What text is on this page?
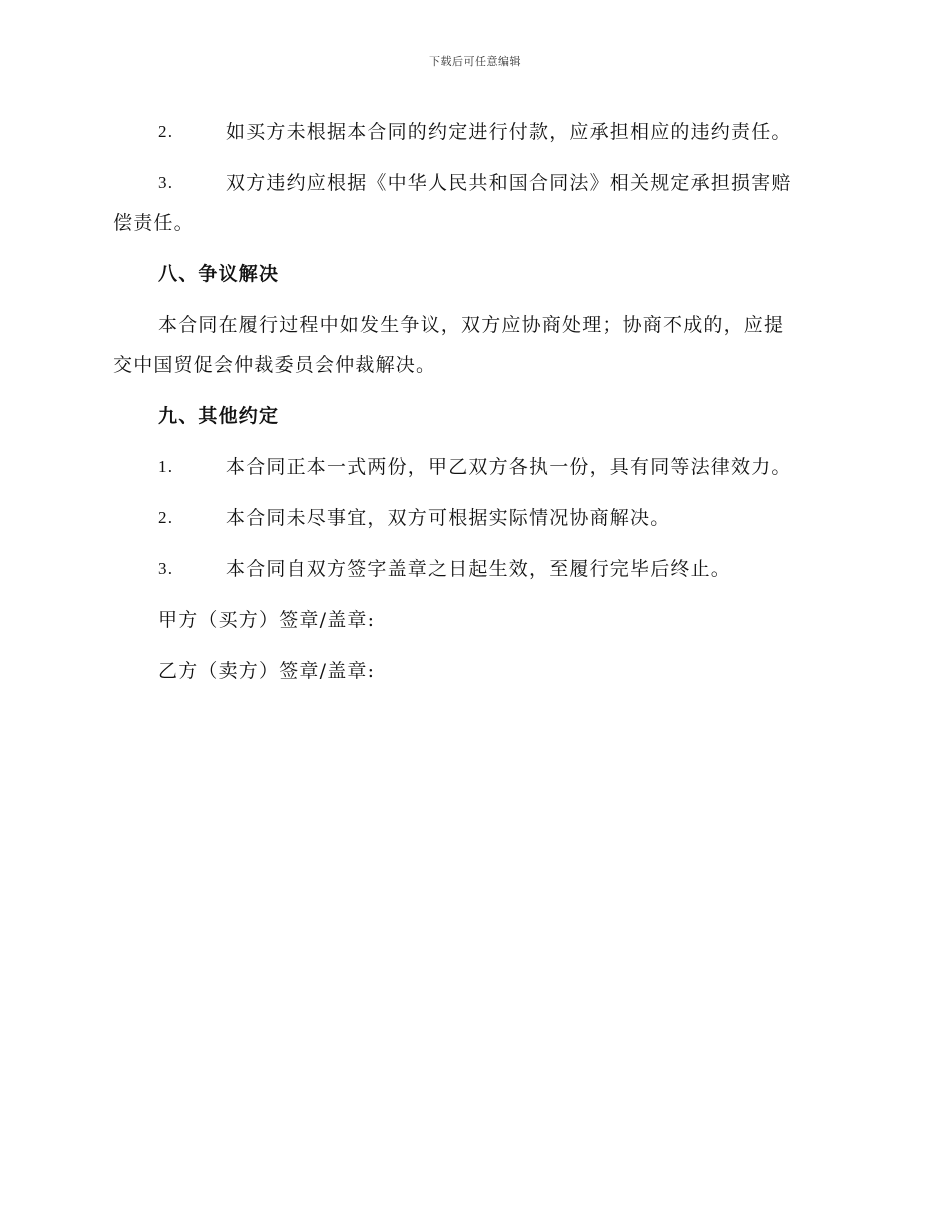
下载后可任意编辑
2.	如买方未根据本合同的约定进行付款，应承担相应的违约责任。
3.	双方违约应根据《中华人民共和国合同法》相关规定承担损害赔
偿责任。
八、争议解决
本合同在履行过程中如发生争议，双方应协商处理；协商不成的，应提
交中国贸促会仲裁委员会仲裁解决。
九、其他约定
1.	本合同正本一式两份，甲乙双方各执一份，具有同等法律效力。
2.	本合同未尽事宜，双方可根据实际情况协商解决。
3.	本合同自双方签字盖章之日起生效，至履行完毕后终止。
甲方（买方）签章/盖章:
乙方（卖方）签章/盖章:
